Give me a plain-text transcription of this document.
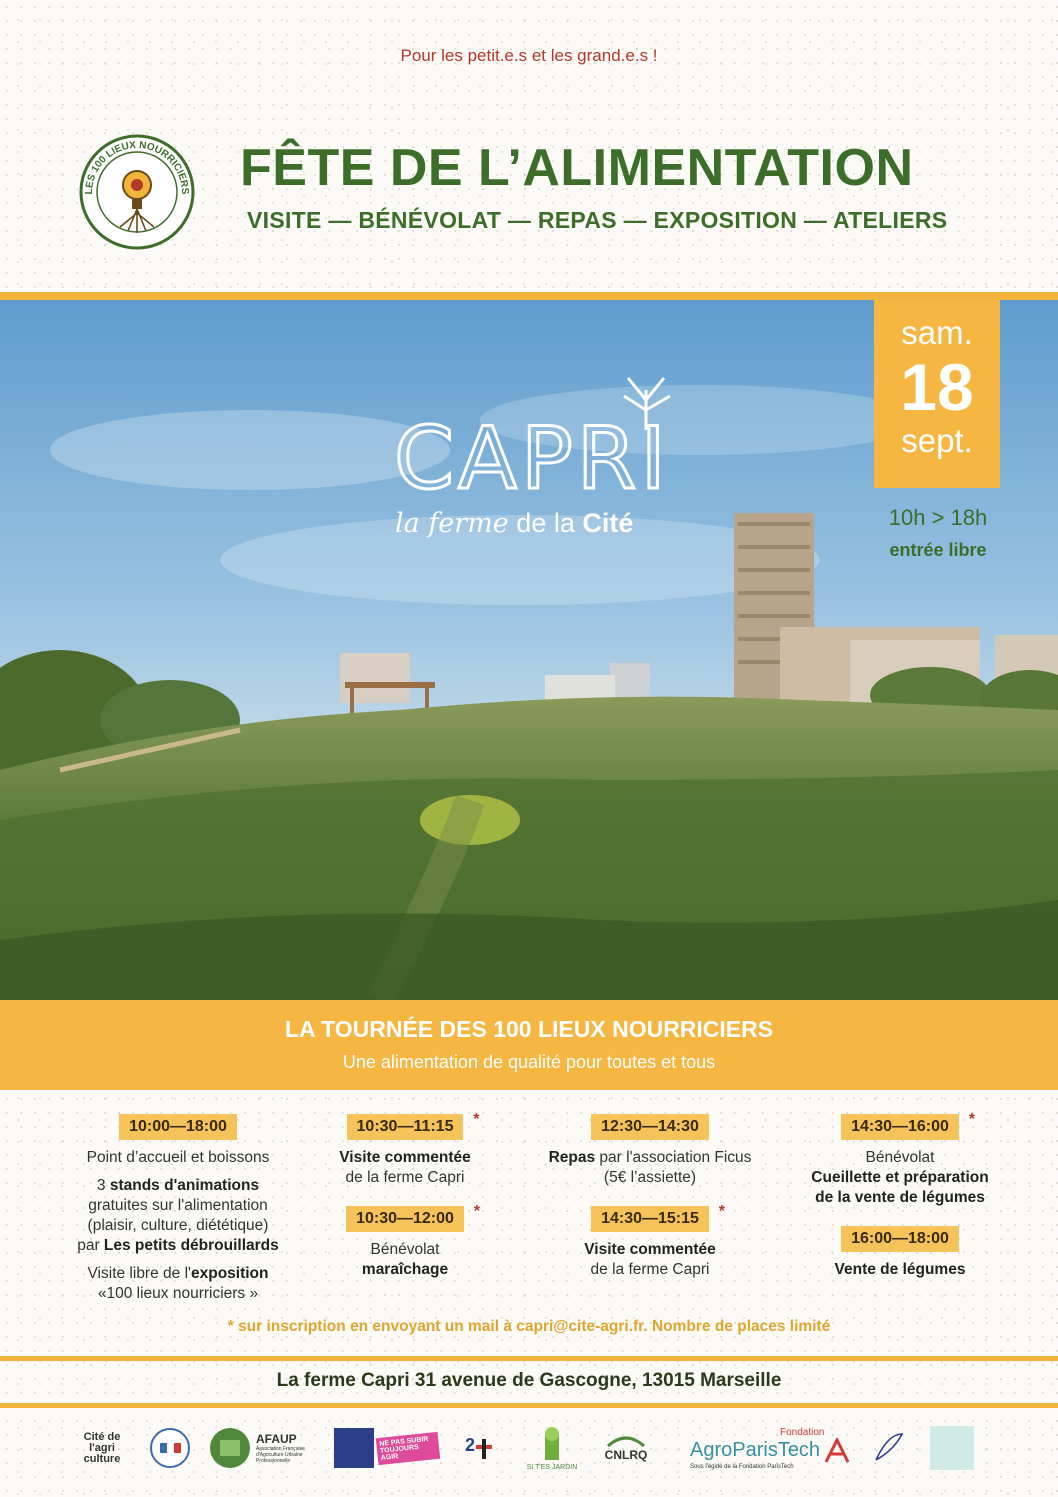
Pour les petit.e.s et les grand.e.s !
LES 100 LIEUX NOURRICIERS FÊTE DE L’ALIMENTATION
VISITE — BÉNÉVOLAT — REPAS — EXPOSITION — ATELIERS
CAPRI
la ferme de la Cité
sam.
18
sept.
10h > 18h
entrée libre
LA TOURNÉE DES 100 LIEUX NOURRICIERS
Une alimentation de qualité pour toutes et tous
10:00—18:00
Point d’accueil et boissons
3 stands d'animations
gratuites sur l'alimentation
(plaisir, culture, diététique)
par Les petits débrouillards
Visite libre de l'exposition
«100 lieux nourriciers »
10:30—11:15 *
Visite commentée
de la ferme Capri
10:30—12:00 *
Bénévolat
maraîchage
12:30—14:30
Repas par l'association Ficus
(5€ l’assiette)
14:30—15:15 *
Visite commentée
de la ferme Capri
14:30—16:00 *
Bénévolat
Cueillette et préparation
de la vente de légumes
16:00—18:00
Vente de légumes
* sur inscription en envoyant un mail à capri@cite-agri.fr. Nombre de places limité
La ferme Capri 31 avenue de Gascogne, 13015 Marseille
Cité de l'agri culture
AFAUP
Association Française d'Agriculture Urbaine Professionnelle
NE PAS SUBIR TOUJOURS AGIR
2
SI T'ES JARDIN
CNLRQ
Fondation
AgroParisTech
Sous l'égide de la Fondation ParisTech
